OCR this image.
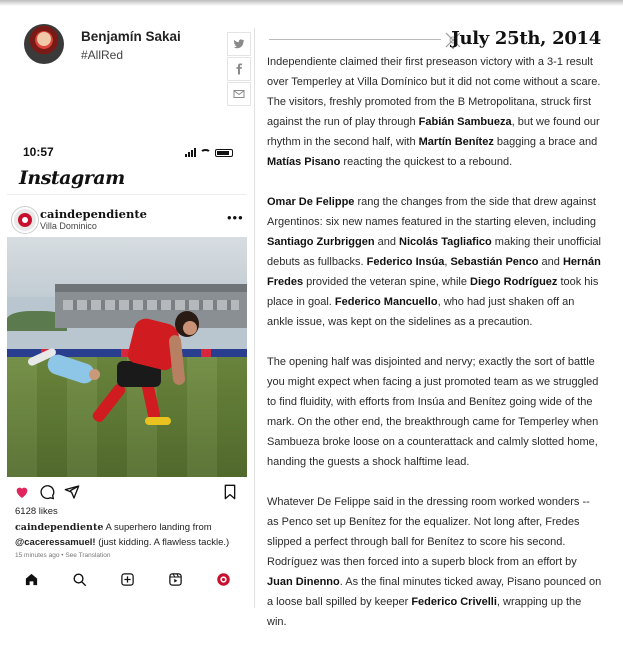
Benjamín Sakai
#AllRed
10:57
Instagram
caindependiente
Villa Dominico
•••
6128 likes
caindependiente A superhero landing from
@caceressamuel! (just kidding. A flawless tackle.)
15 minutes ago • See Translation
July 25th, 2014

Independiente claimed their first preseason victory with a 3-1 result over Temperley at Villa Domínico but it did not come without a scare. The visitors, freshly promoted from the B Metropolitana, struck first against the run of play through Fabián Sambueza, but we found our rhythm in the second half, with Martín Benítez bagging a brace and Matías Pisano reacting the quickest to a rebound.

Omar De Felippe rang the changes from the side that drew against Argentinos: six new names featured in the starting eleven, including Santiago Zurbriggen and Nicolás Tagliafico making their unofficial debuts as fullbacks. Federico Insúa, Sebastián Penco and Hernán Fredes provided the veteran spine, while Diego Rodríguez took his place in goal. Federico Mancuello, who had just shaken off an ankle issue, was kept on the sidelines as a precaution.

The opening half was disjointed and nervy; exactly the sort of battle you might expect when facing a just promoted team as we struggled to find fluidity, with efforts from Insúa and Benítez going wide of the mark. On the other end, the breakthrough came for Temperley when Sambueza broke loose on a counterattack and calmly slotted home, handing the guests a shock halftime lead.

Whatever De Felippe said in the dressing room worked wonders -- as Penco set up Benítez for the equalizer. Not long after, Fredes slipped a perfect through ball for Benítez to score his second. Rodríguez was then forced into a superb block from an effort by Juan Dinenno. As the final minutes ticked away, Pisano pounced on a loose ball spilled by keeper Federico Crivelli, wrapping up the win.
